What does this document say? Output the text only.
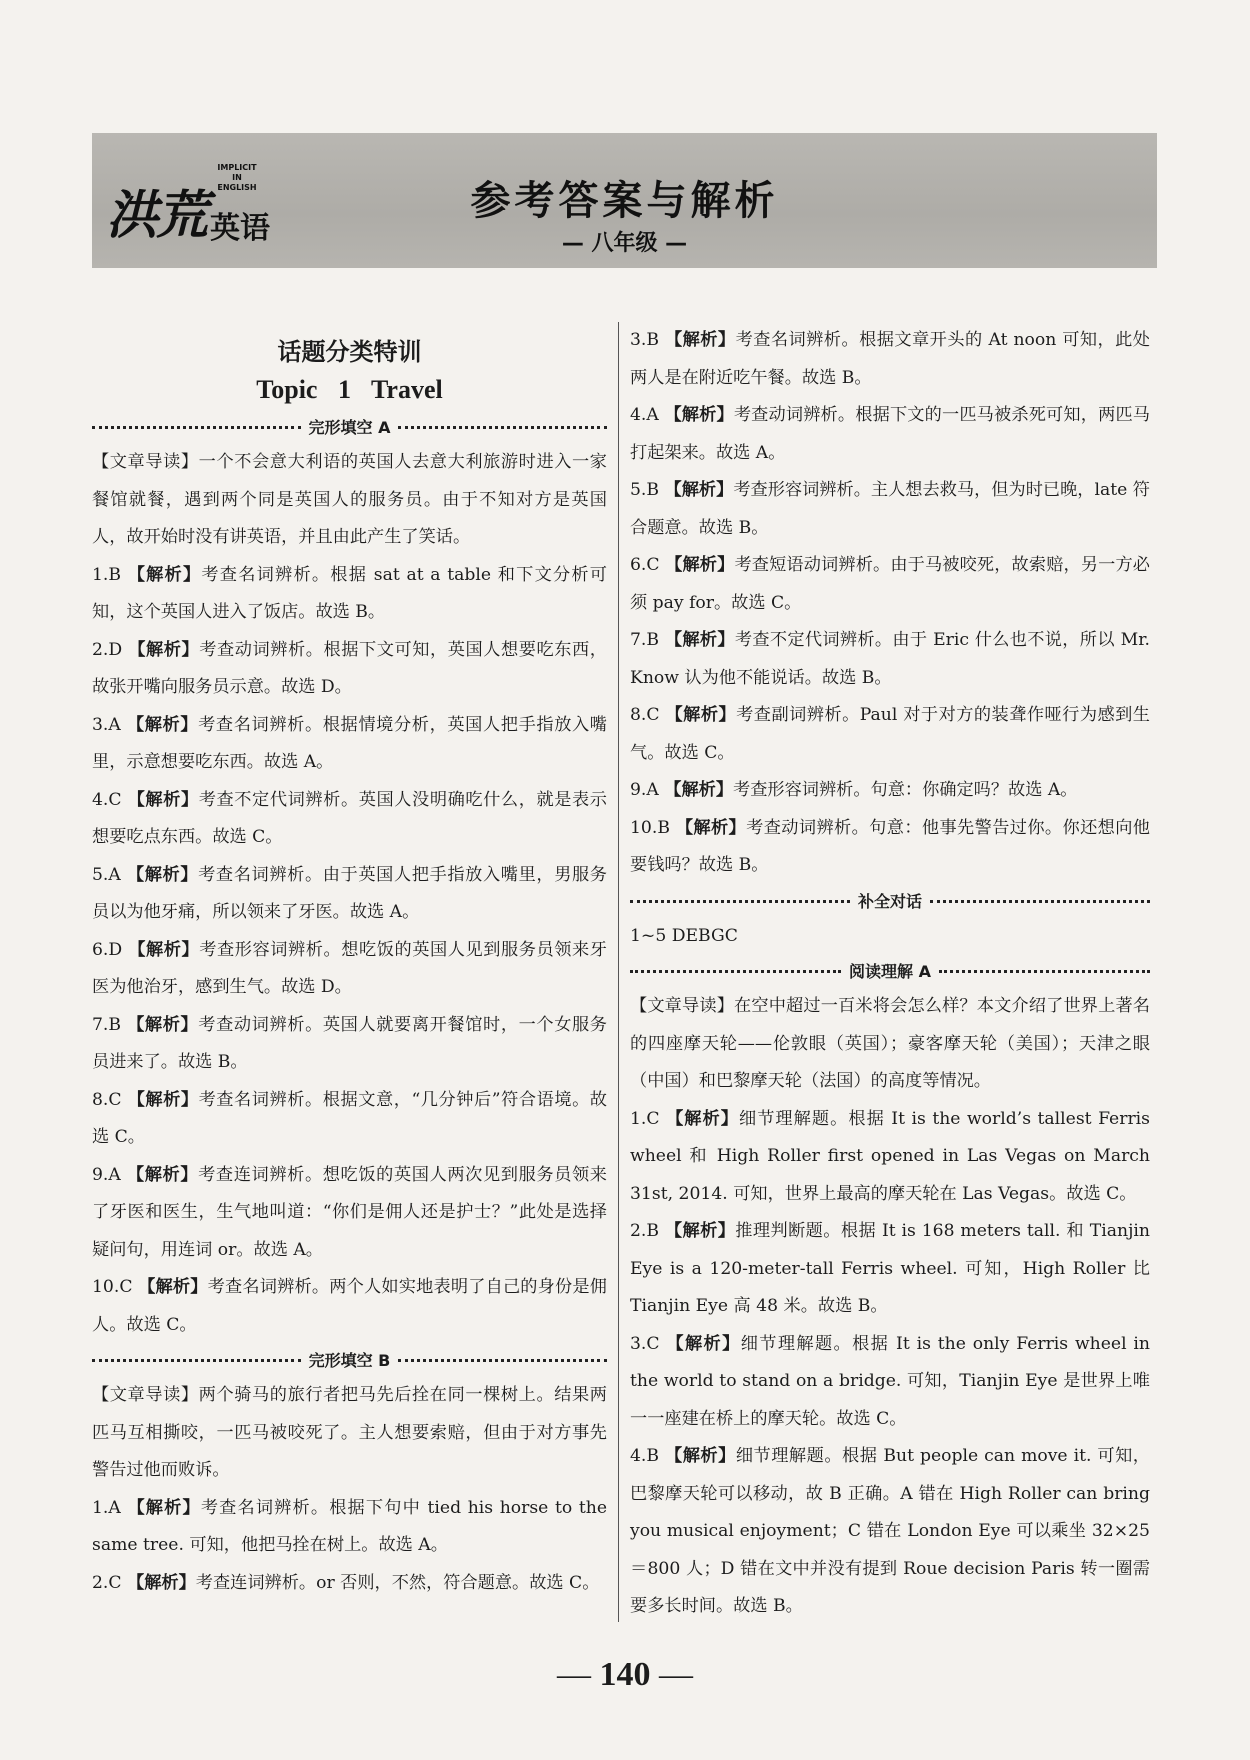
洪荒
IMPLICIT IN ENGLISH
英语
参考答案与解析
— 八年级 —
话题分类特训
Topic 1 Travel
完形填空 A

【文章导读】一个不会意大利语的英国人去意大利旅游时进入一家餐馆就餐，遇到两个同是英国人的服务员。由于不知对方是英国人，故开始时没有讲英语，并且由此产生了笑话。

1.B 【解析】考查名词辨析。根据 sat at a table 和下文分析可知，这个英国人进入了饭店。故选 B。

2.D 【解析】考查动词辨析。根据下文可知，英国人想要吃东西，故张开嘴向服务员示意。故选 D。

3.A 【解析】考查名词辨析。根据情境分析，英国人把手指放入嘴里，示意想要吃东西。故选 A。

4.C 【解析】考查不定代词辨析。英国人没明确吃什么，就是表示想要吃点东西。故选 C。

5.A 【解析】考查名词辨析。由于英国人把手指放入嘴里，男服务员以为他牙痛，所以领来了牙医。故选 A。

6.D 【解析】考查形容词辨析。想吃饭的英国人见到服务员领来牙医为他治牙，感到生气。故选 D。

7.B 【解析】考查动词辨析。英国人就要离开餐馆时，一个女服务员进来了。故选 B。

8.C 【解析】考查名词辨析。根据文意，“几分钟后”符合语境。故选 C。

9.A 【解析】考查连词辨析。想吃饭的英国人两次见到服务员领来了牙医和医生，生气地叫道：“你们是佣人还是护士？”此处是选择疑问句，用连词 or。故选 A。

10.C 【解析】考查名词辨析。两个人如实地表明了自己的身份是佣人。故选 C。

完形填空 B

【文章导读】两个骑马的旅行者把马先后拴在同一棵树上。结果两匹马互相撕咬，一匹马被咬死了。主人想要索赔，但由于对方事先警告过他而败诉。

1.A 【解析】考查名词辨析。根据下句中 tied his horse to the same tree. 可知，他把马拴在树上。故选 A。

2.C 【解析】考查连词辨析。or 否则，不然，符合题意。故选 C。

3.B 【解析】考查名词辨析。根据文章开头的 At noon 可知，此处两人是在附近吃午餐。故选 B。

4.A 【解析】考查动词辨析。根据下文的一匹马被杀死可知，两匹马打起架来。故选 A。

5.B 【解析】考查形容词辨析。主人想去救马，但为时已晚，late 符合题意。故选 B。

6.C 【解析】考查短语动词辨析。由于马被咬死，故索赔，另一方必须 pay for。故选 C。

7.B 【解析】考查不定代词辨析。由于 Eric 什么也不说，所以 Mr. Know 认为他不能说话。故选 B。

8.C 【解析】考查副词辨析。Paul 对于对方的装聋作哑行为感到生气。故选 C。

9.A 【解析】考查形容词辨析。句意：你确定吗？故选 A。

10.B 【解析】考查动词辨析。句意：他事先警告过你。你还想向他要钱吗？故选 B。

补全对话

1~5 DEBGC

阅读理解 A

【文章导读】在空中超过一百米将会怎么样？本文介绍了世界上著名的四座摩天轮——伦敦眼（英国）；豪客摩天轮（美国）；天津之眼（中国）和巴黎摩天轮（法国）的高度等情况。

1.C 【解析】细节理解题。根据 It is the world’s tallest Ferris wheel 和 High Roller first opened in Las Vegas on March 31st, 2014. 可知，世界上最高的摩天轮在 Las Vegas。故选 C。

2.B 【解析】推理判断题。根据 It is 168 meters tall. 和 Tianjin Eye is a 120-meter-tall Ferris wheel. 可知，High Roller 比 Tianjin Eye 高 48 米。故选 B。

3.C 【解析】细节理解题。根据 It is the only Ferris wheel in the world to stand on a bridge. 可知，Tianjin Eye 是世界上唯一一座建在桥上的摩天轮。故选 C。

4.B 【解析】细节理解题。根据 But people can move it. 可知，巴黎摩天轮可以移动，故 B 正确。A 错在 High Roller can bring you musical enjoyment；C 错在 London Eye 可以乘坐 32×25＝800 人；D 错在文中并没有提到 Roue decision Paris 转一圈需要多长时间。故选 B。

— 140 —
